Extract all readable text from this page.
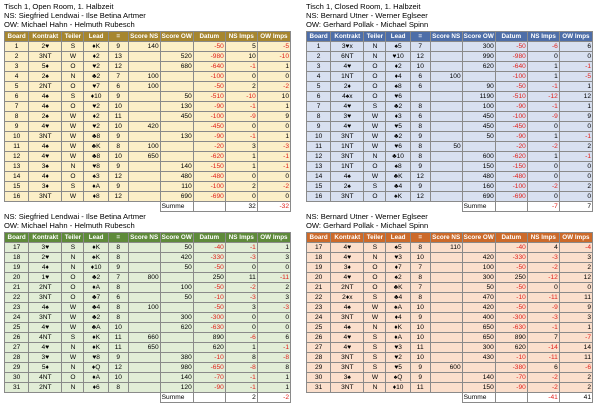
Tisch 1, Open Room, 1. Halbzeit
NS: Siegfried Lendwai - Ilse Betina Artmer
OW: Michael Hahn - Helmuth Rubesch
Board	Kontrakt	Teiler	Lead	=	Score NS	Score OW	Datum	NS Imps	OW Imps
1	2♥	S	♦K	9	140		-50	5	-5
2	3NT	W	♦2	13		520	-980	10	-10
3	5♦	O	♥2	12		680	-640	-1	1
4	2♠	N	♣2	7	100		-100	0	0
5	2NT	O	♥7	6	100		-50	2	-2
6	4♠	S	♦10	9		50	-510	-10	10
7	4♠	O	♥2	10		130	-90	-1	1
8	2♠	W	♦2	11		450	-100	-9	9
9	4♥	W	♥2	10	420		-450	0	0
10	3NT	W	♣8	9		130	-90	-1	1
11	4♠	W	♣K	8	100		-20	3	-3
12	4♥	W	♣8	10	650		-620	1	-1
13	3♠	N	♥8	9		140	-150	1	-1
14	4♦	O	♠3	12		480	-480	0	0
15	3♦	S	♦A	9		110	-100	2	-2
16	3NT	W	♦8	12		690	-690	0	0
						Summe		32	-32
Tisch 1, Closed Room, 1. Halbzeit
NS: Bernard Utner - Werner Eglseer
OW: Gerhard Pollak - Michael Spinn
Board	Kontrakt	Teiler	Lead	=	Score NS	Score OW	Datum	NS Imps	OW Imps
1	3♥x	N	♠5	7		300	-50	-6	6
2	6NT	N	♥10	12		990	-980	0	0
3	4♥	O	♦2	10		620	-640	1	-1
4	1NT	O	♦4	6	100		-100	1	-5
5	2♦	O	♠8	6		90	-50	-1	1
6	4♠x	O	♥6			1190	-510	-12	12
7	4♥	S	♣2	8		100	-90	-1	1
8	3♥	W	♦3	6		450	-100	-9	9
9	4♥	W	♥5	8		450	-450	0	0
10	3NT	W	♣2	9		50	-90	1	-1
11	1NT	W	♥6	8	50		-20	-2	2
12	3NT	N	♣10	8		600	-620	1	-1
13	1NT	O	♠8	9		150	-150	0	0
14	4♠	W	♣K	12		480	-480	0	0
15	2♠	S	♣4	9		160	-100	-2	2
16	3NT	O	♠K	12		690	-690	0	0
						Summe		-7	7
NS: Siegfried Lendwai - Ilse Betina Artmer
OW: Michael Hahn - Helmuth Rubesch
Board	Kontrakt	Teiler	Lead	=	Score NS	Score OW	Datum	NS Imps	OW Imps
17	3♥	S	♦K	8		50	-40	-1	1
18	2♥	N	♠K	8		420	-330	-3	3
19	4♦	N	♦10	9		50	-50	0	0
20	1♥	O	♣2	7	800		250	11	-11
21	2NT	O	♦A	8		100	-50	-2	2
22	3NT	O	♣7	6		50	-10	-3	3
23	4♠	W	♣4	8	100		-50	3	-3
24	3NT	W	♣2	8		300	-300	0	0
25	4♥	W	♣A	10		620	-630	0	0
26	4NT	S	♦K	11	660		890	-6	6
27	4♥	N	♦K	11	650		620	1	-1
28	3♥	W	♥8	9		380	-10	8	-8
29	5♦	N	♦Q	12		980	-650	-8	8
30	4NT	O	♦A	10		140	-70	-1	1
31	2NT	N	♦6	8		120	-90	-1	1
						Summe		2	-2
NS: Bernard Utner - Werner Eglseer
OW: Gerhard Pollak - Michael Spinn
Board	Kontrakt	Teiler	Lead	=	Score NS	Score OW	Datum	NS Imps	OW Imps
17	4♥	S	♠5	8	110		-40	4	-4
18	4♥	N	♥3	10		420	-330	-3	3
19	3♦	O	♦7	7		100	-50	-2	2
20	4♥	O	♠2	8		300	250	-12	12
21	2NT	O	♣K	7		50	-50	0	0
22	2♦x	S	♣4	8		470	-10	-11	11
23	4♠	W	♠A	10		420	-50	-9	9
24	3NT	W	♦4	9		400	-300	-3	3
25	4♠	N	♦K	10		650	-630	-1	1
26	4♥	S	♦A	10		650	890	7	-7
27	4♥	S	♥3	11		300	620	-14	14
28	3NT	S	♥2	10		430	-10	-11	11
29	3NT	S	♥5	9	600		-380	6	-6
30	3♠	W	♠Q	9		140	-70	-2	2
31	3NT	N	♦10	11		150	-90	-2	2
						Summe		-41	41
